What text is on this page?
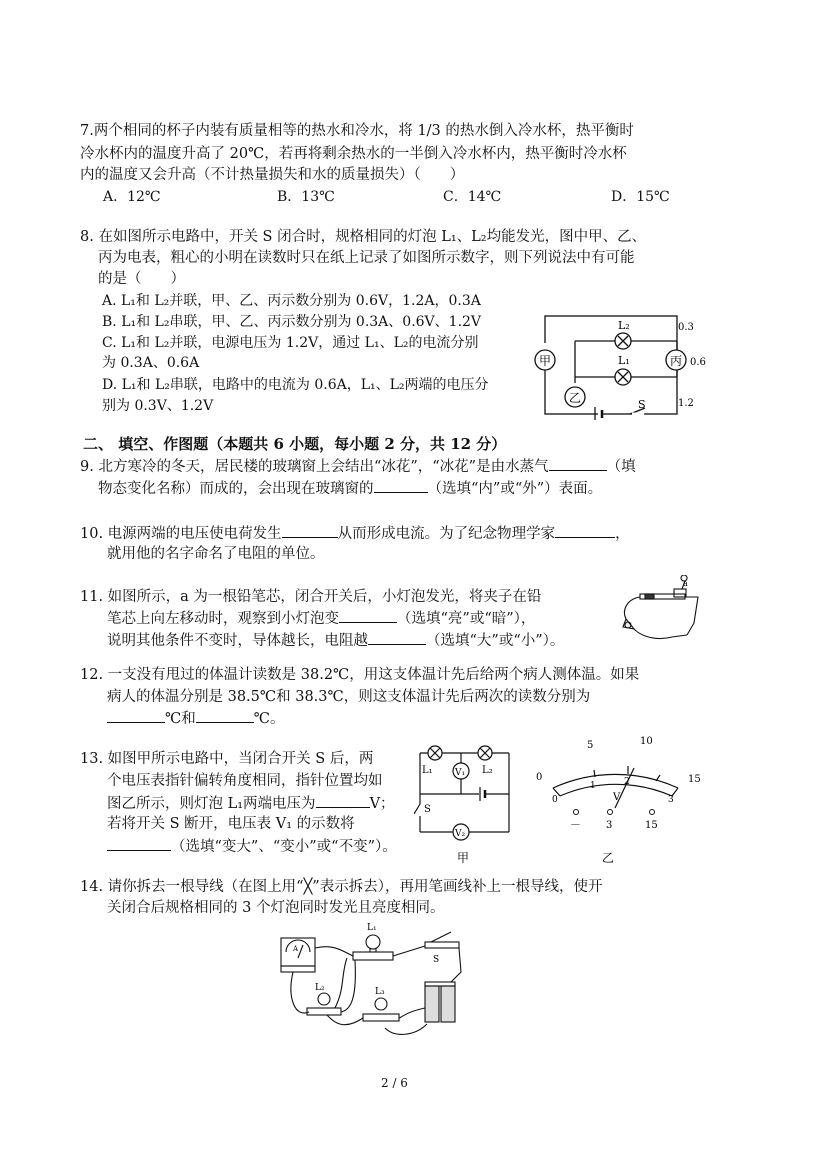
7.两个相同的杯子内装有质量相等的热水和冷水，将 1/3 的热水倒入冷水杯，热平衡时
冷水杯内的温度升高了 20℃，若再将剩余热水的一半倒入冷水杯内，热平衡时冷水杯
内的温度又会升高（不计热量损失和水的质量损失）（　　）
A．12℃	B．13℃	C．14℃	D．15℃
8. 在如图所示电路中，开关 S 闭合时，规格相同的灯泡 L₁、L₂均能发光，图中甲、乙、
丙为电表，粗心的小明在读数时只在纸上记录了如图所示数字，则下列说法中有可能
的是（　　）
A. L₁和 L₂并联，甲、乙、丙示数分别为 0.6V，1.2A，0.3A
B. L₁和 L₂串联，甲、乙、丙示数分别为 0.3A、0.6V、1.2V
C. L₁和 L₂并联，电源电压为 1.2V，通过 L₁、L₂的电流分别
为 0.3A、0.6A
D. L₁和 L₂串联，电路中的电流为 0.6A，L₁、L₂两端的电压分
别为 0.3V、1.2V
甲	丙
乙
L₂
L₁
S
0.3
0.6
1.2
二、 填空、作图题（本题共 6 小题，每小题 2 分，共 12 分）
9. 北方寒冷的冬天，居民楼的玻璃窗上会结出“冰花”，“冰花”是由水蒸气	（填
物态变化名称）而成的，会出现在玻璃窗的	（选填“内”或“外”）表面。
10. 电源两端的电压使电荷发生	从而形成电流。为了纪念物理学家	，
就用他的名字命名了电阻的单位。
11. 如图所示，a 为一根铅笔芯，闭合开关后，小灯泡发光，将夹子在铅
笔芯上向左移动时，观察到小灯泡变	（选填“亮”或“暗”），
说明其他条件不变时，导体越长，电阻越	（选填“大”或“小”）。
a
12. 一支没有甩过的体温计读数是 38.2℃，用这支体温计先后给两个病人测体温。如果
病人的体温分别是 38.5℃和 38.3℃，则这支体温计先后两次的读数分别为
℃和	℃。
13. 如图甲所示电路中，当闭合开关 S 后，两
个电压表指针偏转角度相同，指针位置均如
图乙所示，则灯泡 L₁两端电压为	V；
若将开关 S 断开，电压表 V₁ 的示数将
（选填“变大”、“变小”或“不变”）。
L₁	L₂
V₁
V₂
S
甲
0
5	10
15
0
1	2
3
V
－	3	15
乙
14. 请你拆去一根导线（在图上用“╳”表示拆去），再用笔画线补上一根导线，使开
关闭合后规格相同的 3 个灯泡同时发光且亮度相同。
L₁
L₂	L₃
S
A
2 / 6
